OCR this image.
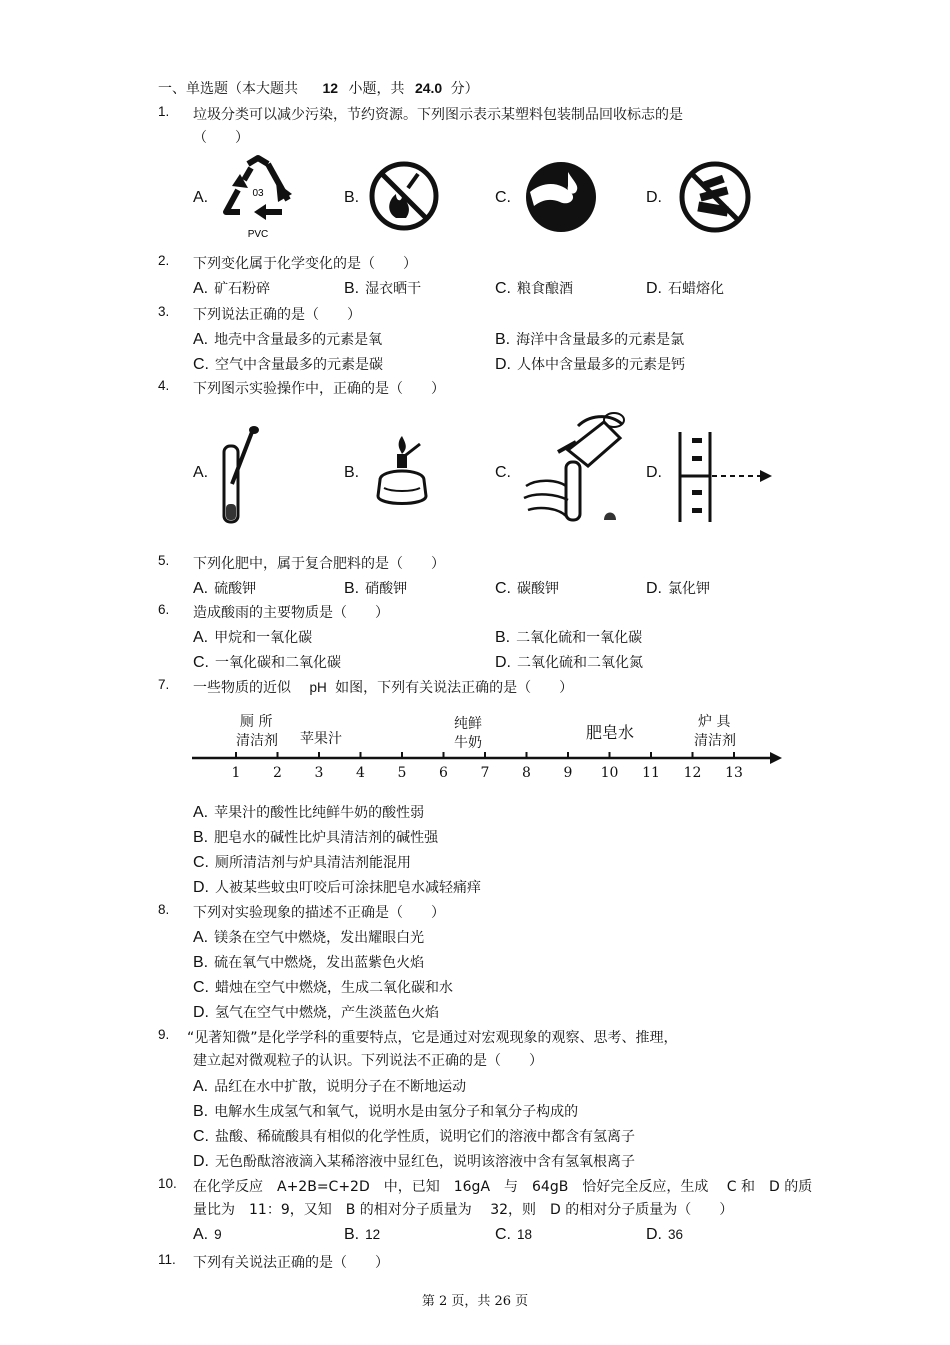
一、单选题（本大题共 12 小题，共 24.0 分）
1. 垃圾分类可以减少污染，节约资源。下列图示表示某塑料包装制品回收标志的是
（　　）
A.	B.	C.	D.
03
PVC
2. 下列变化属于化学变化的是（　　）
A. 矿石粉碎	B. 湿衣晒干	C. 粮食酿酒	D. 石蜡熔化
3. 下列说法正确的是（　　）
A. 地壳中含量最多的元素是氧	B. 海洋中含量最多的元素是氯
C. 空气中含量最多的元素是碳	D. 人体中含量最多的元素是钙
4. 下列图示实验操作中，正确的是（　　）
A.	B.	C.	D.
5. 下列化肥中，属于复合肥料的是（　　）
A. 硫酸钾	B. 硝酸钾	C. 碳酸钾	D. 氯化钾
6. 造成酸雨的主要物质是（　　）
A. 甲烷和一氧化碳	B. 二氧化硫和一氧化碳
C. 一氧化碳和二氧化碳	D. 二氧化硫和二氧化氮
7. 一些物质的近似 pH 如图，下列有关说法正确的是（　　）
1 2 3 4 5 6 7 8 9 10 11 12 13
厕 所
清洁剂 苹果汁
纯鲜
牛奶
炉 具
清洁剂
肥皂水
A. 苹果汁的酸性比纯鲜牛奶的酸性弱
B. 肥皂水的碱性比炉具清洁剂的碱性强
C. 厕所清洁剂与炉具清洁剂能混用
D. 人被某些蚊虫叮咬后可涂抹肥皂水减轻痛痒
8. 下列对实验现象的描述不正确是（　　）
A. 镁条在空气中燃烧，发出耀眼白光
B. 硫在氧气中燃烧，发出蓝紫色火焰
C. 蜡烛在空气中燃烧，生成二氧化碳和水
D. 氢气在空气中燃烧，产生淡蓝色火焰
9. “见著知微”是化学学科的重要特点，它是通过对宏观现象的观察、思考、推理，
建立起对微观粒子的认识。下列说法不正确的是（　　）
A. 品红在水中扩散，说明分子在不断地运动
B. 电解水生成氢气和氧气，说明水是由氢分子和氧分子构成的
C. 盐酸、稀硫酸具有相似的化学性质，说明它们的溶液中都含有氢离子
D. 无色酚酞溶液滴入某稀溶液中显红色，说明该溶液中含有氢氧根离子
10. 在化学反应　A+2B=C+2D　中，已知　16gA　与　64gB　恰好完全反应，生成　 C 和　D 的质
量比为　11：9，又知　B 的相对分子质量为　 32，则　D 的相对分子质量为（　　）
A. 9	B. 12	C. 18	D. 36
11. 下列有关说法正确的是（　　）
第 2 页，共 26 页
